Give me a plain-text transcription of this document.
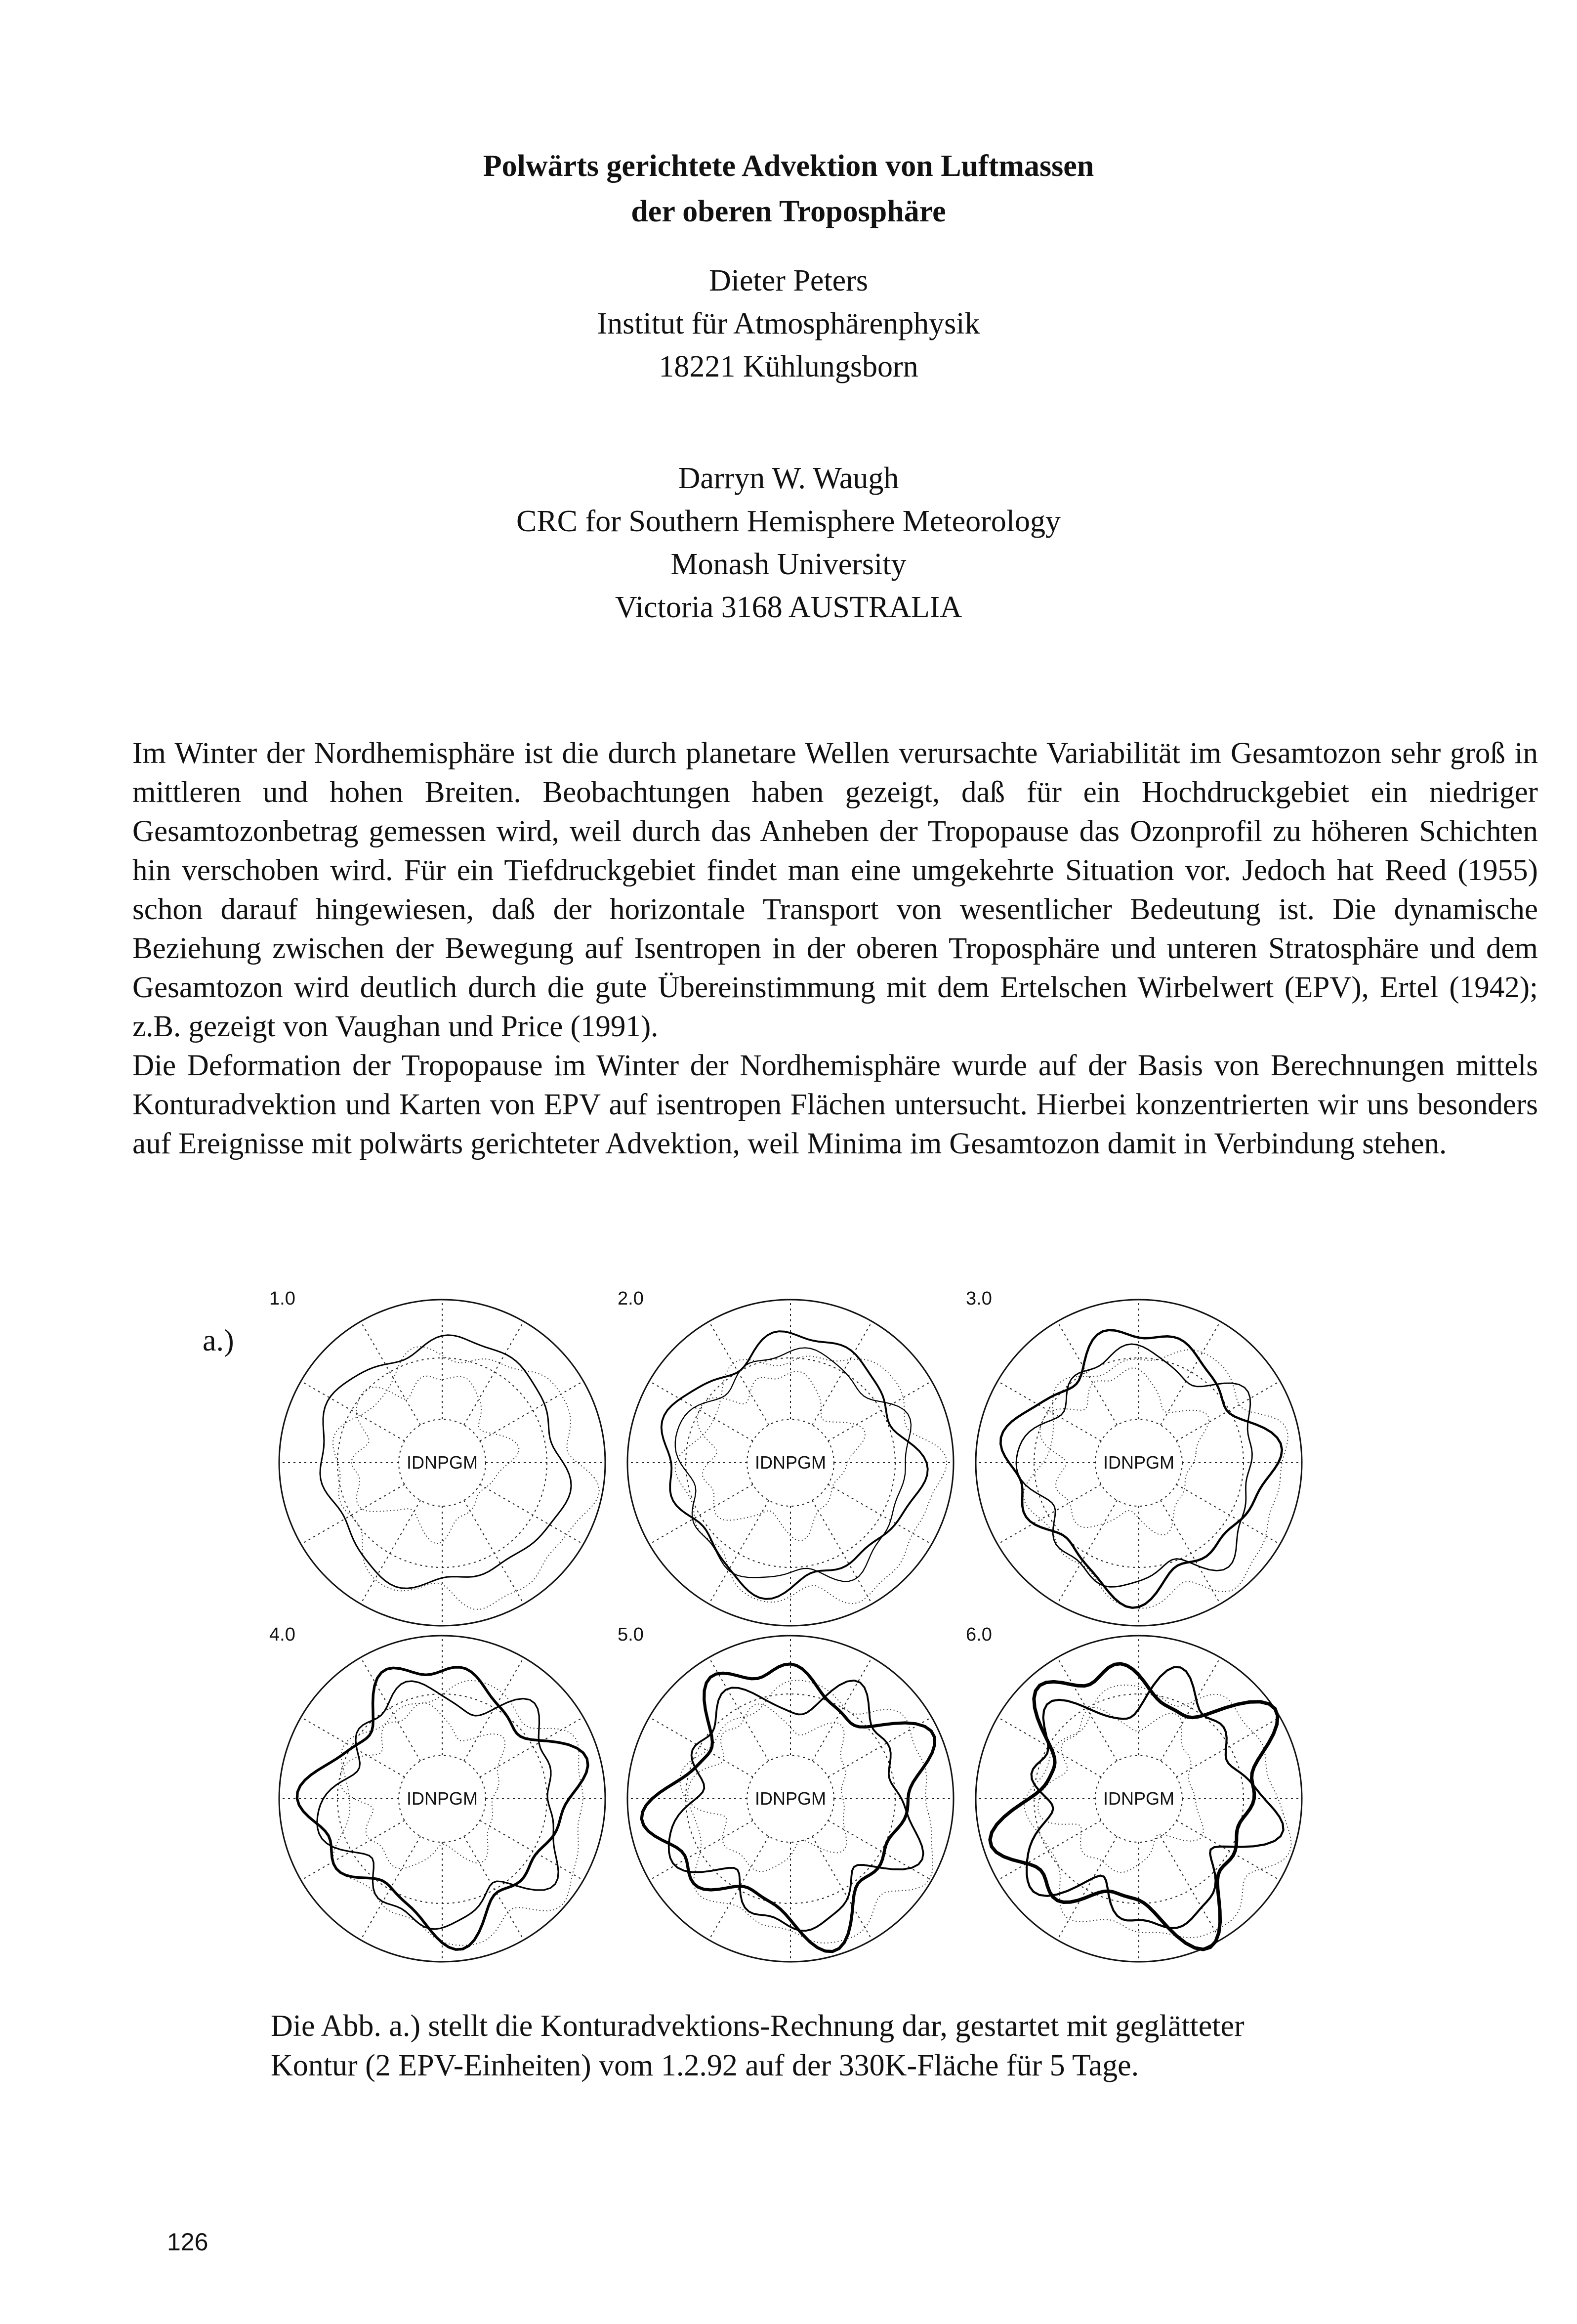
Polwärts gerichtete Advektion von Luftmassen
der oberen Troposphäre
Dieter Peters
Institut für Atmosphärenphysik
18221 Kühlungsborn
Darryn W. Waugh
CRC for Southern Hemisphere Meteorology
Monash University
Victoria 3168 AUSTRALIA

Im Winter der Nordhemisphäre ist die durch planetare Wellen verursachte Variabilität im Gesamtozon sehr groß in mittleren und hohen Breiten. Beobachtungen haben gezeigt, daß für ein Hochdruckgebiet ein niedriger Gesamtozonbetrag gemessen wird, weil durch das Anheben der Tropopause das Ozonprofil zu höheren Schichten hin verschoben wird. Für ein Tiefdruckgebiet findet man eine umgekehrte Situation vor. Jedoch hat Reed (1955) schon darauf hingewiesen, daß der horizontale Transport von wesentlicher Bedeutung ist. Die dynamische Beziehung zwischen der Bewegung auf Isentropen in der oberen Troposphäre und unteren Stratosphäre und dem Gesamtozon wird deutlich durch die gute Übereinstimmung mit dem Ertelschen Wirbelwert (EPV), Ertel (1942); z.B. gezeigt von Vaughan und Price (1991).

Die Deformation der Tropopause im Winter der Nordhemisphäre wurde auf der Basis von Berechnungen mittels Konturadvektion und Karten von EPV auf isentropen Flächen untersucht. Hierbei konzentrierten wir uns besonders auf Ereignisse mit polwärts gerichteter Advektion, weil Minima im Gesamtozon damit in Verbindung stehen.

a.)
1.0
IDNPGM
2.0
IDNPGM
3.0
IDNPGM
4.0
IDNPGM
5.0
IDNPGM
6.0
IDNPGM
Die Abb. a.) stellt die Konturadvektions-Rechnung dar, gestartet mit geglätteter
Kontur (2 EPV-Einheiten) vom 1.2.92 auf der 330K-Fläche für 5 Tage.
126
